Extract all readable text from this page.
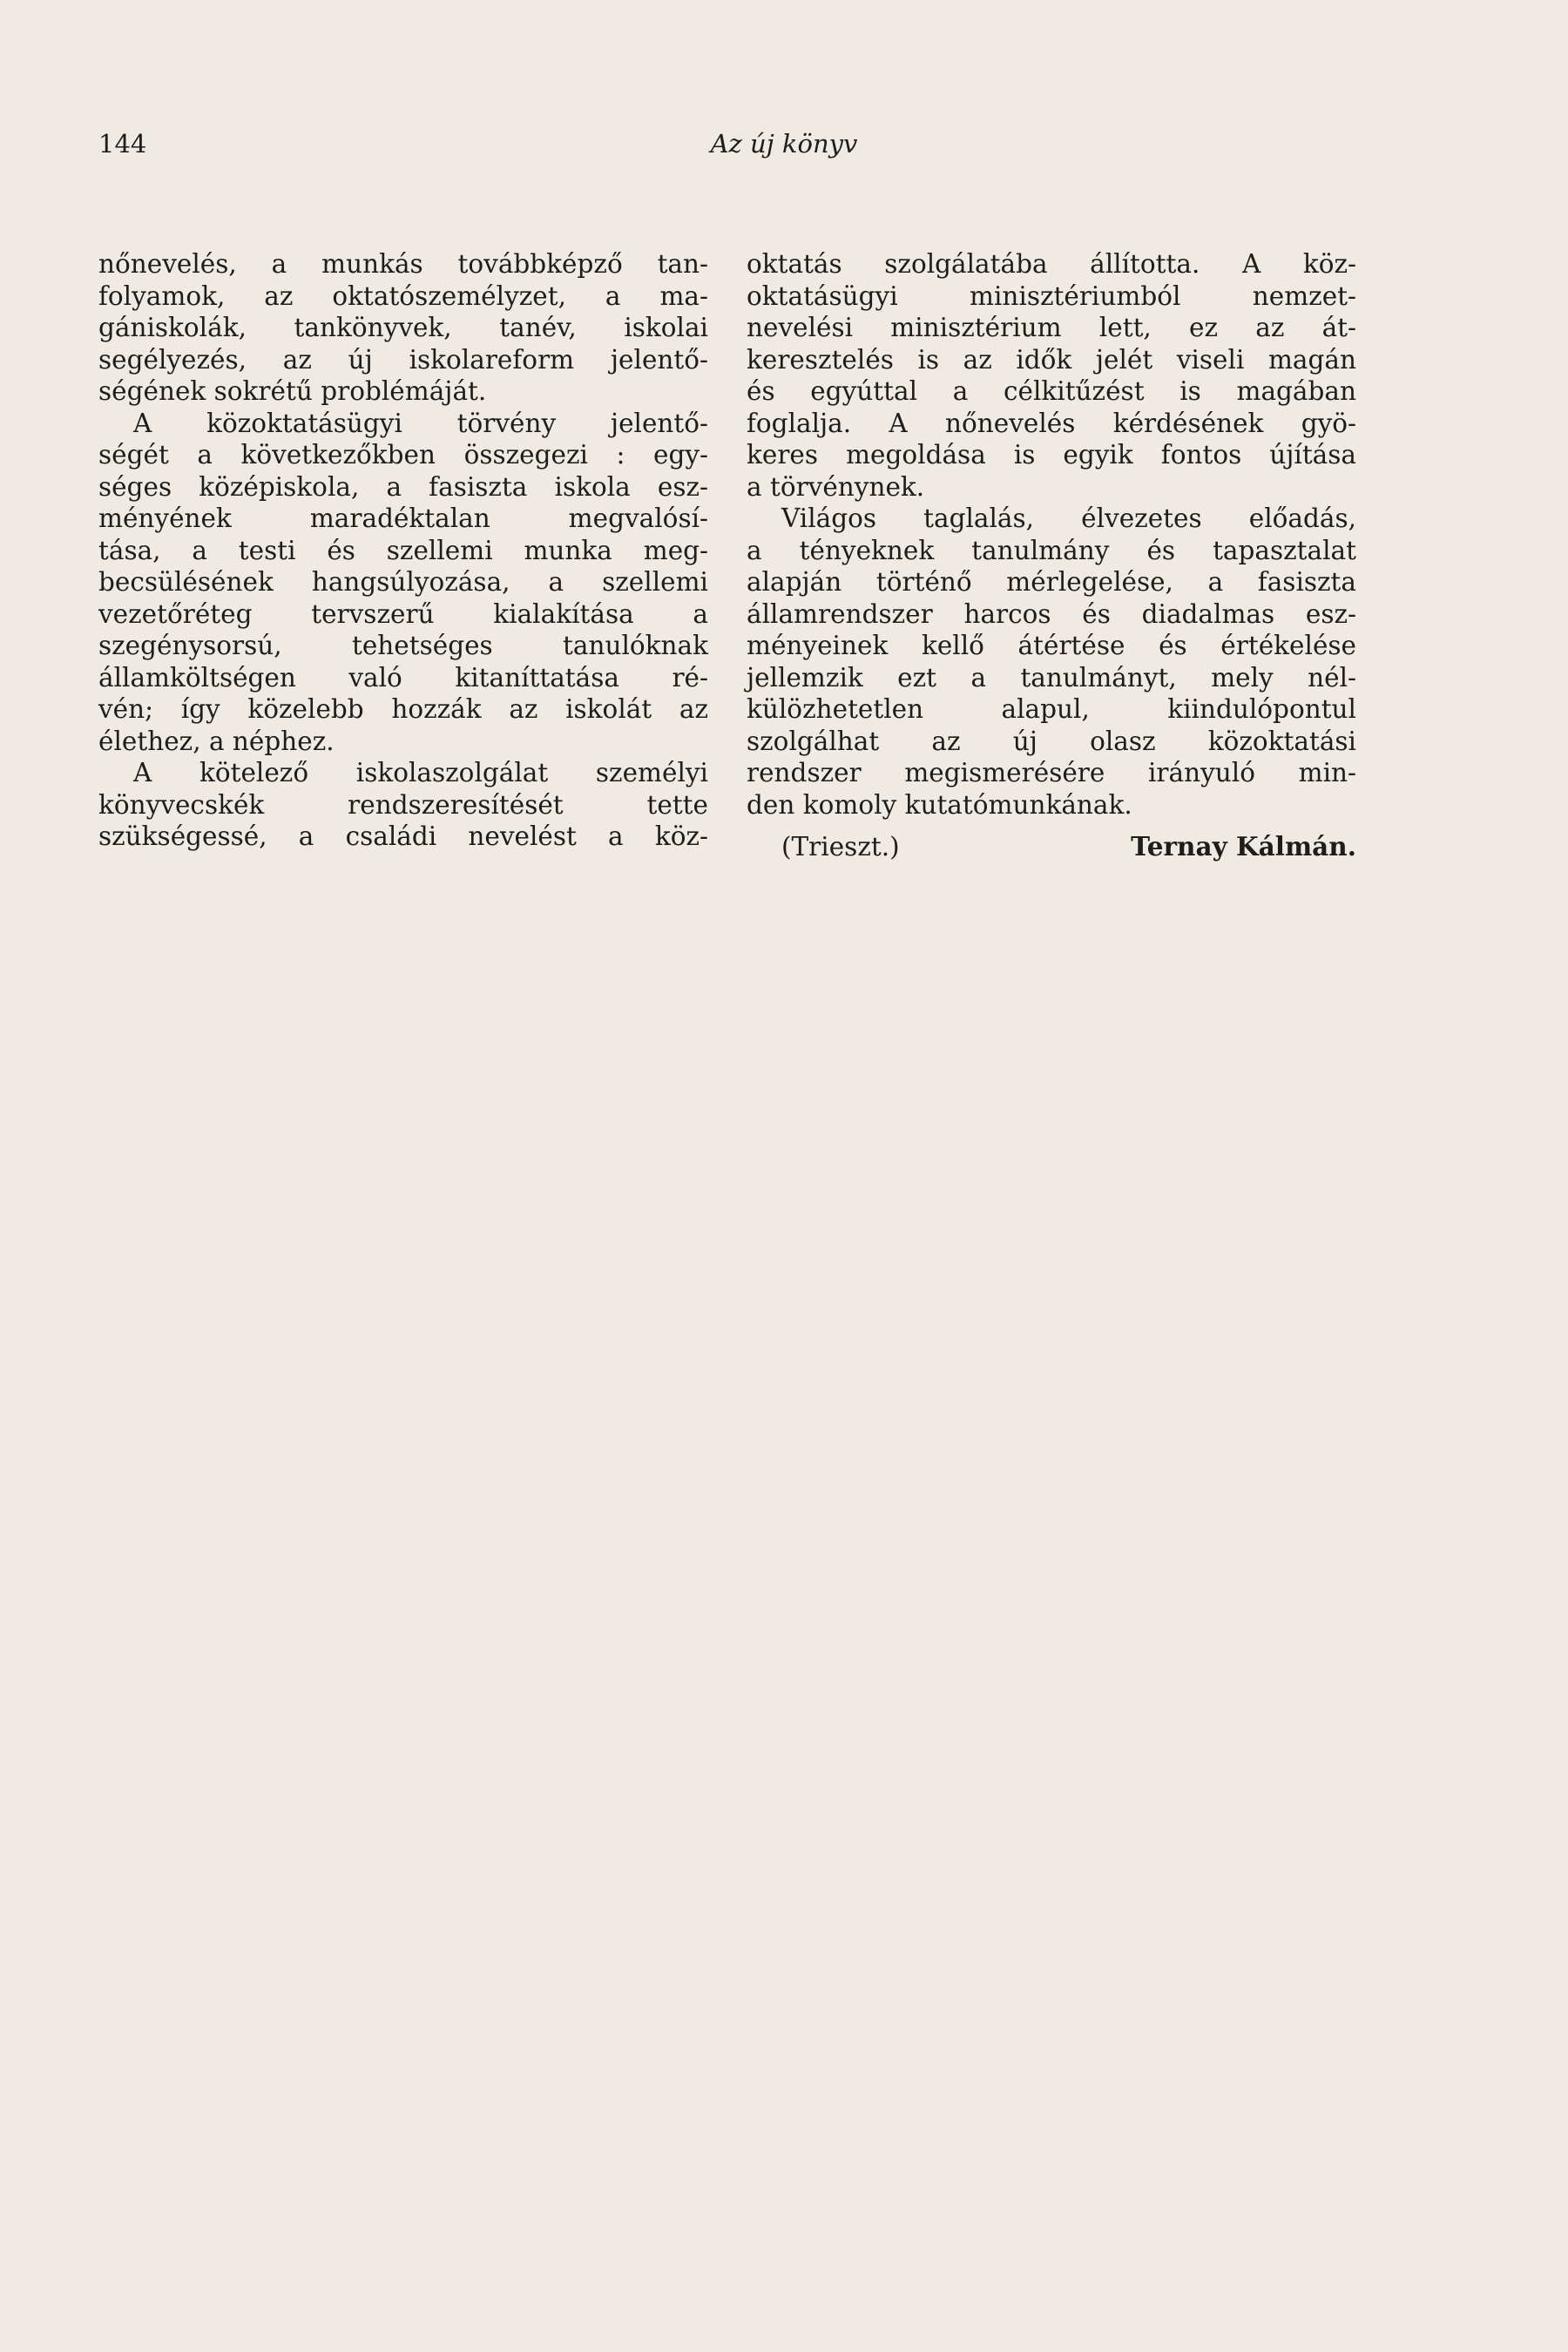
144	Az új könyv
nőnevelés, a munkás továbbképző tan-
folyamok, az oktatószemélyzet, a ma-
gániskolák, tankönyvek, tanév, iskolai
segélyezés, az új iskolareform jelentő-
ségének sokrétű problémáját.
A közoktatásügyi törvény jelentő-
ségét a következőkben összegezi : egy-
séges középiskola, a fasiszta iskola esz-
ményének maradéktalan megvalósí-
tása, a testi és szellemi munka meg-
becsülésének hangsúlyozása, a szellemi
vezetőréteg tervszerű kialakítása a
szegénysorsú, tehetséges tanulóknak
államköltségen való kitaníttatása ré-
vén; így közelebb hozzák az iskolát az
élethez, a néphez.
A kötelező iskolaszolgálat személyi
könyvecskék rendszeresítését tette
szükségessé, a családi nevelést a köz-
oktatás szolgálatába állította. A köz-
oktatásügyi minisztériumból nemzet-
nevelési minisztérium lett, ez az át-
keresztelés is az idők jelét viseli magán
és egyúttal a célkitűzést is magában
foglalja. A nőnevelés kérdésének gyö-
keres megoldása is egyik fontos újítása
a törvénynek.
Világos taglalás, élvezetes előadás,
a tényeknek tanulmány és tapasztalat
alapján történő mérlegelése, a fasiszta
államrendszer harcos és diadalmas esz-
ményeinek kellő átértése és értékelése
jellemzik ezt a tanulmányt, mely nél-
külözhetetlen alapul, kiindulópontul
szolgálhat az új olasz közoktatási
rendszer megismerésére irányuló min-
den komoly kutatómunkának.
(Trieszt.)	Ternay Kálmán.
